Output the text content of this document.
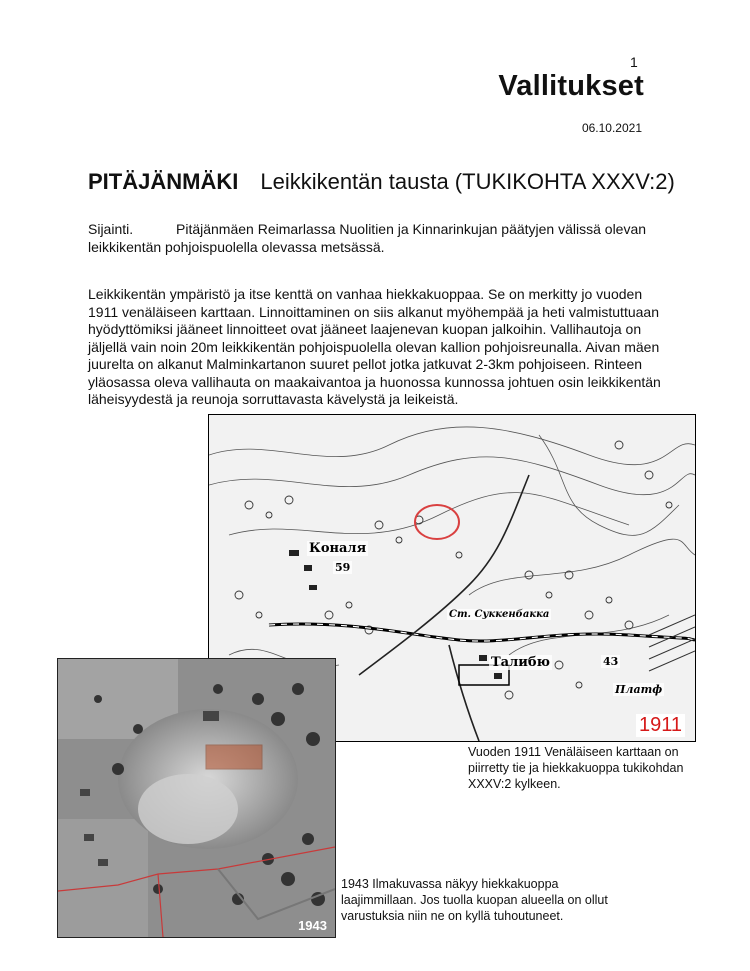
1
Vallitukset
06.10.2021
PITÄJÄNMÄKI Leikkikentän tausta (TUKIKOHTA XXXV:2)
Sijainti.	Pitäjänmäen Reimarlassa Nuolitien ja Kinnarinkujan päätyjen välissä olevan leikkikentän pohjoispuolella olevassa metsässä.
Leikkikentän ympäristö ja itse kenttä on vanhaa hiekkakuoppaa. Se on merkitty jo vuoden 1911 venäläiseen karttaan. Linnoittaminen on siis alkanut myöhempää ja heti valmistuttuaan hyödyttömiksi jääneet linnoitteet ovat jääneet laajenevan kuopan jalkoihin. Vallihautoja on jäljellä vain noin 20m leikkikentän pohjoispuolella olevan kallion pohjoisreunalla. Aivan mäen juurelta on alkanut Malminkartanon suuret pellot jotka jatkuvat 2-3km pohjoiseen. Rinteen yläosassa oleva vallihauta on maakaivantoa ja huonossa kunnossa johtuen osin leikkikentän läheisyydestä ja reunoja sorruttavasta kävelystä ja leikeistä.
Коналя
59
Ст. Суккенбакка
Талибю	43
Платф
1911
Vuoden 1911 Venäläiseen karttaan on piirretty tie ja hiekkakuoppa tukikohdan XXXV:2 kylkeen.
1943
1943 Ilmakuvassa näkyy hiekkakuoppa laajimmillaan. Jos tuolla kuopan alueella on ollut varustuksia niin ne on kyllä tuhoutuneet.
